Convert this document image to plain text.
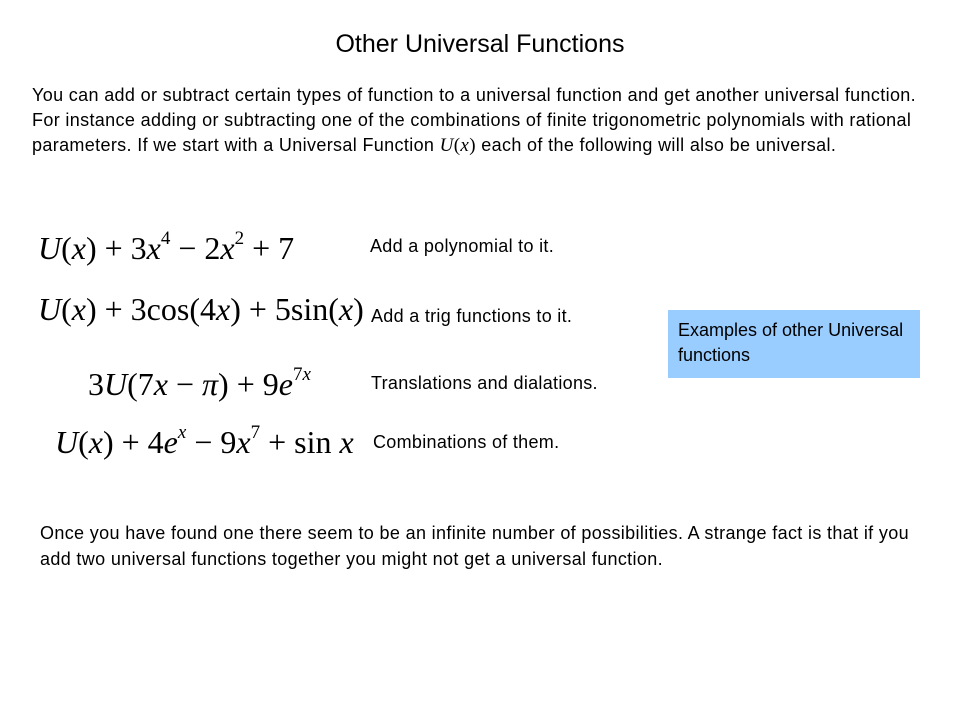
Other Universal Functions
You can add or subtract certain types of function to a universal function and get another universal function. For instance adding or subtracting one of the combinations of finite trigonometric polynomials with rational parameters. If we start with a Universal Function U(x) each of the following will also be universal.
$U(x) + 3x^4 - 2x^2 + 7$	Add a polynomial to it.
U(x) + 3cos(4x) + 5sin(x) Add a trig functions to it.
$3U(7x - \pi) + 9e^{7x}$	Translations and dialations.
$U(x) + 4e^x - 9x^7 + \sin x$ Combinations of them.
Examples of other Universal functions
Once you have found one there seem to be an infinite number of possibilities. A strange fact is that if you add two universal functions together you might not get a universal function.
